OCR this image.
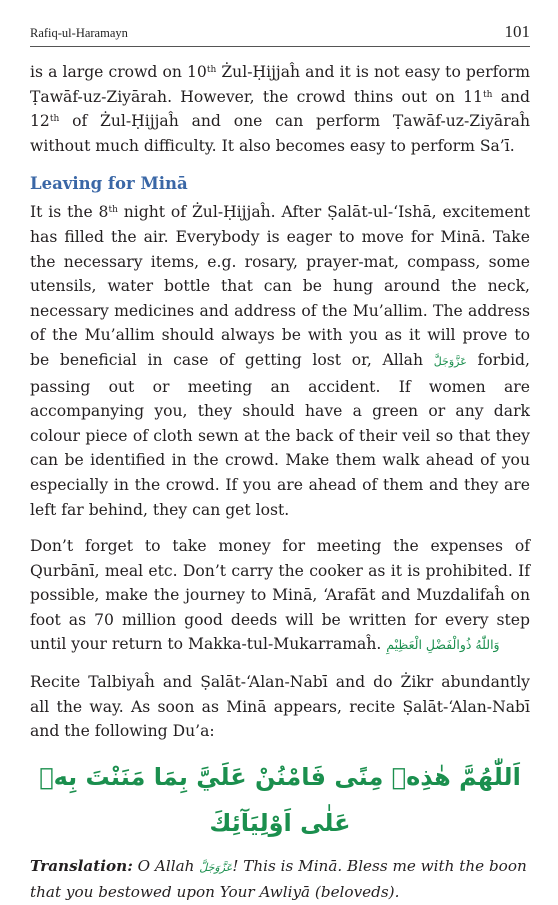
Rafiq-ul-Haramayn	101

is a large crowd on 10th Żul-Ḥijjaĥ and it is not easy to perform Ṭawāf-uz-Ziyārah. However, the crowd thins out on 11th and 12th of Żul-Ḥijjaĥ and one can perform Ṭawāf-uz-Ziyāraĥ without much difficulty. It also becomes easy to perform Sa’ī.

Leaving for Minā

It is the 8th night of Żul-Ḥijjaĥ. After Ṣalāt-ul-‘Ishā, excitement has filled the air. Everybody is eager to move for Minā. Take the necessary items, e.g. rosary, prayer-mat, compass, some utensils, water bottle that can be hung around the neck, necessary medicines and address of the Mu’allim. The address of the Mu’allim should always be with you as it will prove to be beneficial in case of getting lost or, Allah عَزَّوَجَلَّ forbid, passing out or meeting an accident. If women are accompanying you, they should have a green or any dark colour piece of cloth sewn at the back of their veil so that they can be identified in the crowd. Make them walk ahead of you especially in the crowd. If you are ahead of them and they are left far behind, they can get lost.

Don’t forget to take money for meeting the expenses of Qurbānī, meal etc. Don’t carry the cooker as it is prohibited. If possible, make the journey to Minā, ‘Arafāt and Muzdalifaĥ on foot as 70 million good deeds will be written for every step until your return to Makka-tul-Mukarramaĥ. وَاللّٰهُ ذُوالْفَضْلِ الْعَظِيْمِ

Recite Talbiyaĥ and Ṣalāt-‘Alan-Nabī and do Żikr abundantly all the way. As soon as Minā appears, recite Ṣalāt-‘Alan-Nabī and the following Du’a:

اَللّٰهُمَّ هٰذِهٖ مِنًى فَامْنُنْ عَلَيَّ بِمَا مَنَنْتَ بِهٖ عَلٰى اَوْلِيَآئِكَ

Translation: O Allah عَزَّوَجَلَّ! This is Minā. Bless me with the boon that you bestowed upon Your Awliyā (beloveds).
